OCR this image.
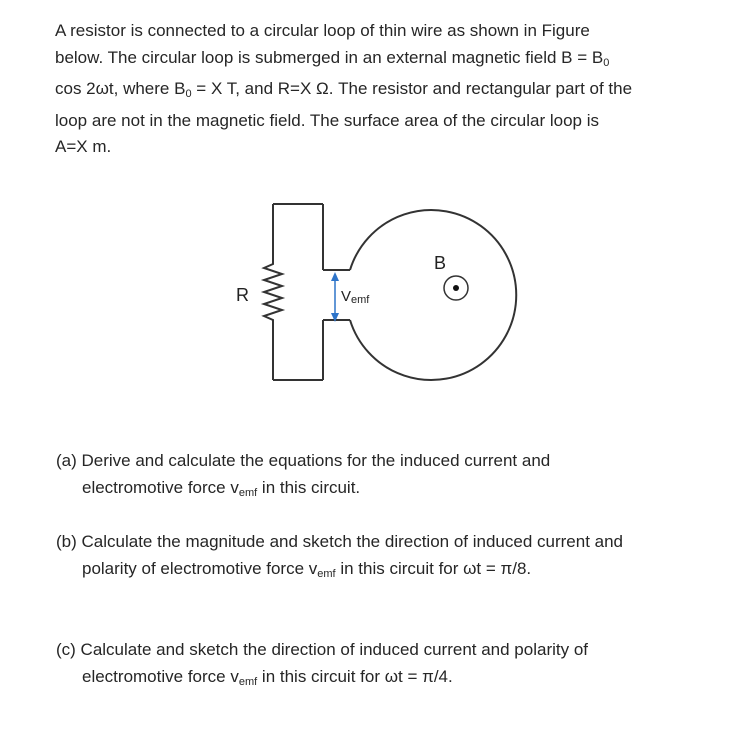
A resistor is connected to a circular loop of thin wire as shown in Figure
below. The circular loop is submerged in an external magnetic field $B = B_0$
cos 2ωt, where $B_0 = X$ T, and R=X Ω. The resistor and rectangular part of the
loop are not in the magnetic field. The surface area of the circular loop is
A=X m.

R
B
Vemf

(a) Derive and calculate the equations for the induced current and
electromotive force $v_{emf}$ in this circuit.

(b) Calculate the magnitude and sketch the direction of induced current and
polarity of electromotive force $v_{emf}$ in this circuit for ωt = π/8.

(c) Calculate and sketch the direction of induced current and polarity of
electromotive force $v_{emf}$ in this circuit for ωt = π/4.
